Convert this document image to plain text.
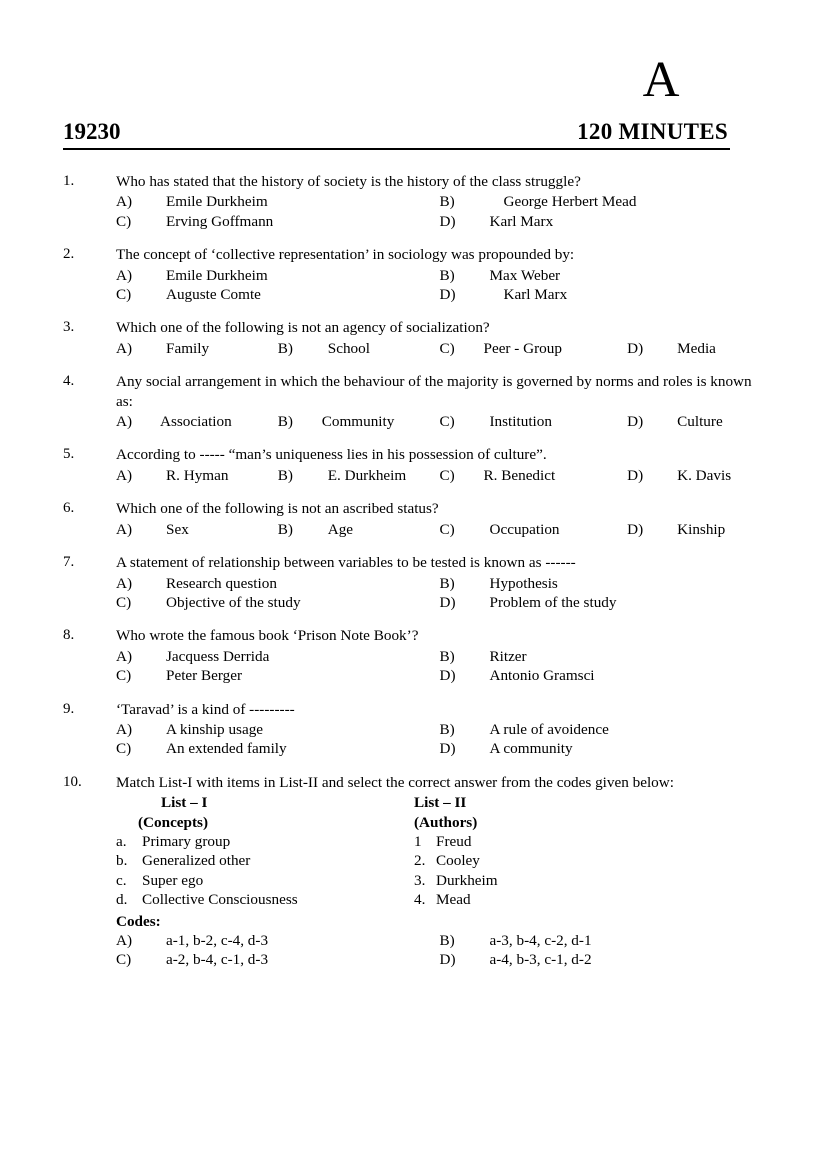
A
19230	120 MINUTES
1.	Who has stated that the history of society is the history of the class struggle?
A)	Emile Durkheim	B)	George Herbert Mead
C)	Erving Goffmann	D)	Karl Marx
2.	The concept of ‘collective representation’ in sociology was propounded by:
A)	Emile Durkheim	B)	Max Weber
C)	Auguste Comte	D)	Karl Marx
3.	Which one of the following is not an agency of socialization?
A)	Family	B)	School	C)	Peer - Group	D)	Media
4.	Any social arrangement in which the behaviour of the majority is governed by norms and roles is known as:
A)	Association	B)	Community	C)	Institution	D)	Culture
5.	According to ----- “man’s uniqueness lies in his possession of culture”.
A)	R. Hyman	B)	E. Durkheim	C)	R. Benedict	D)	K. Davis
6.	Which one of the following is not an ascribed status?
A)	Sex	B)	Age	C)	Occupation	D)	Kinship
7.	A statement of relationship between variables to be tested is known as ------
A)	Research question	B)	Hypothesis
C)	Objective of the study	D)	Problem of the study
8.	Who wrote the famous book ‘Prison Note Book’?
A)	Jacquess Derrida	B)	Ritzer
C)	Peter Berger	D)	Antonio Gramsci
9.	‘Taravad’ is a kind of ---------
A)	A kinship usage	B)	A rule of avoidence
C)	An extended family	D)	A community
10.	Match List-I with items in List-II and select the correct answer from the codes given below:
List – I	List – II
(Concepts)	(Authors)
a.	Primary group	1 Freud
b. Generalized other	2. Cooley
c.	Super ego	3. Durkheim
d. Collective Consciousness	4. Mead
Codes:
A)	a-1, b-2, c-4, d-3	B)	a-3, b-4, c-2, d-1
C)	a-2, b-4, c-1, d-3	D)	a-4, b-3, c-1, d-2
